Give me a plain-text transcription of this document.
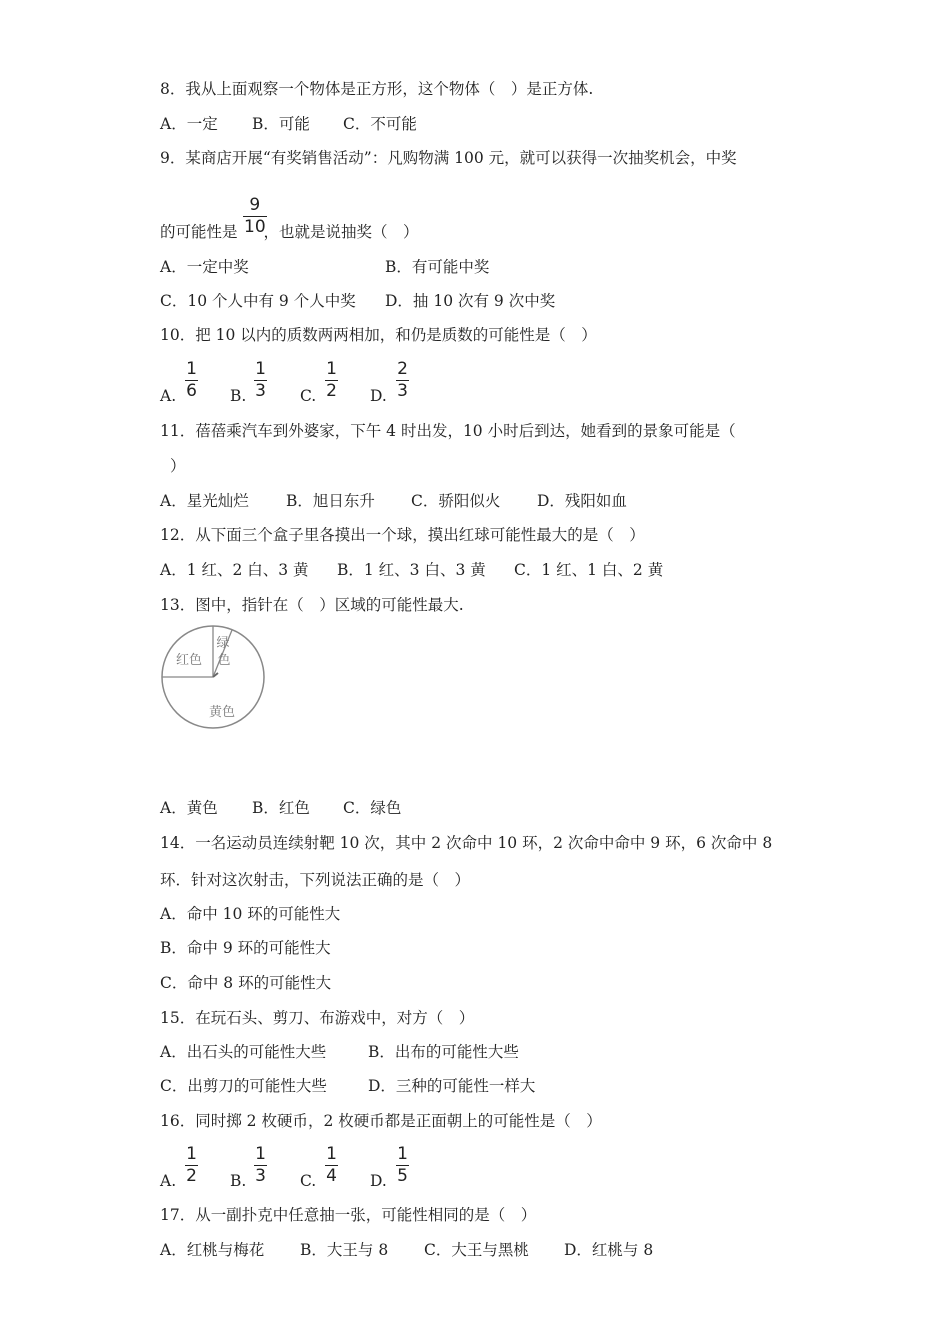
8．我从上面观察一个物体是正方形，这个物体（　）是正方体.
A．一定 B．可能 C．不可能
9．某商店开展“有奖销售活动”：凡购物满 100 元，就可以获得一次抽奖机会，中奖
的可能性是 ，也就是说抽奖（　）
9
10
A．一定中奖	B．有可能中奖
C．10 个人中有 9 个人中奖 D．抽 10 次有 9 次中奖
10．把 10 以内的质数两两相加，和仍是质数的可能性是（　）
A.
1
6 B.
1
3 C.
1
2 D.
2
3
11．蓓蓓乘汽车到外婆家，下午 4 时出发，10 小时后到达，她看到的景象可能是（
）
A．星光灿烂 B．旭日东升 C．骄阳似火 D．残阳如血
12．从下面三个盒子里各摸出一个球，摸出红球可能性最大的是（　）
A．1 红、2 白、3 黄 B．1 红、3 白、3 黄 C．1 红、1 白、2 黄
13．图中，指针在（　）区域的可能性最大.
绿
色
红色
黄色
A．黄色 B．红色 C．绿色
14．一名运动员连续射靶 10 次，其中 2 次命中 10 环，2 次命中命中 9 环，6 次命中 8
环．针对这次射击，下列说法正确的是（　）
A．命中 10 环的可能性大
B．命中 9 环的可能性大
C．命中 8 环的可能性大
15．在玩石头、剪刀、布游戏中，对方（　）
A．出石头的可能性大些	B．出布的可能性大些
C．出剪刀的可能性大些	D．三种的可能性一样大
16．同时掷 2 枚硬币，2 枚硬币都是正面朝上的可能性是（　）
A.
1
2 B.
1
3 C.
1
4 D.
1
5
17．从一副扑克中任意抽一张，可能性相同的是（　）
A．红桃与梅花 B．大王与 8 C．大王与黑桃 D．红桃与 8
